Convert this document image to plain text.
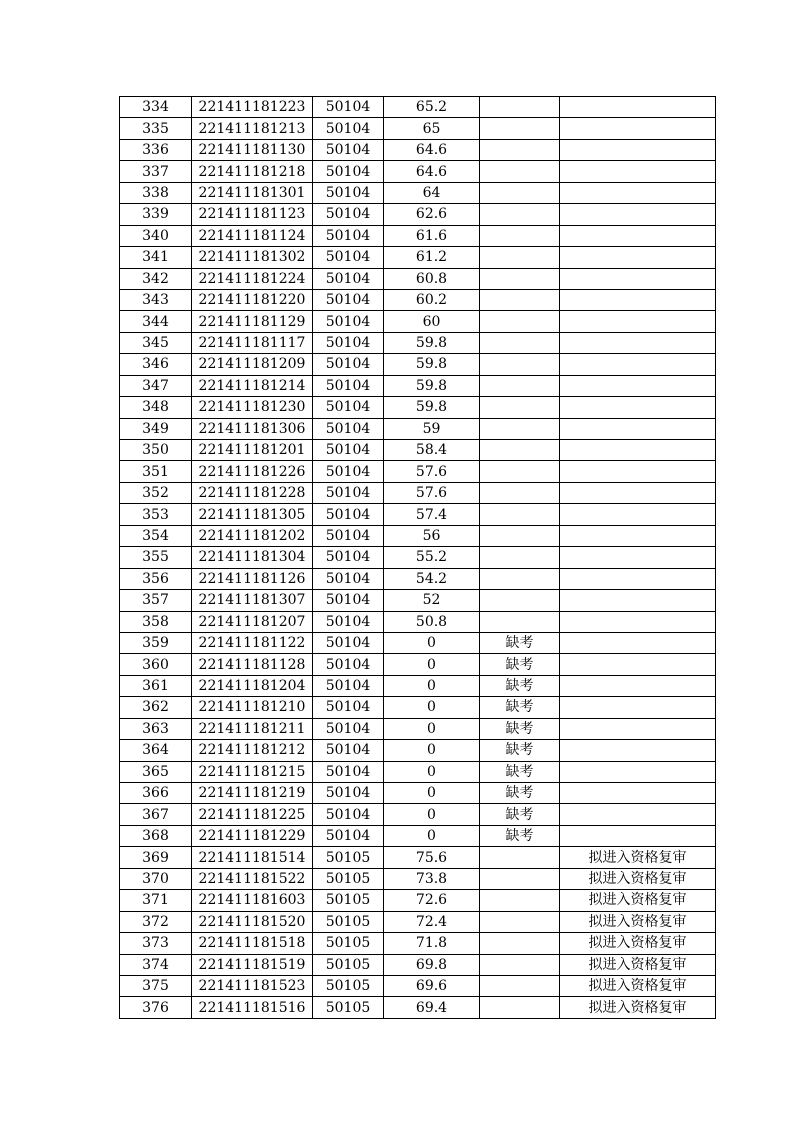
334	221411181223	50104	65.2		
335	221411181213	50104	65		
336	221411181130	50104	64.6		
337	221411181218	50104	64.6		
338	221411181301	50104	64		
339	221411181123	50104	62.6		
340	221411181124	50104	61.6		
341	221411181302	50104	61.2		
342	221411181224	50104	60.8		
343	221411181220	50104	60.2		
344	221411181129	50104	60		
345	221411181117	50104	59.8		
346	221411181209	50104	59.8		
347	221411181214	50104	59.8		
348	221411181230	50104	59.8		
349	221411181306	50104	59		
350	221411181201	50104	58.4		
351	221411181226	50104	57.6		
352	221411181228	50104	57.6		
353	221411181305	50104	57.4		
354	221411181202	50104	56		
355	221411181304	50104	55.2		
356	221411181126	50104	54.2		
357	221411181307	50104	52		
358	221411181207	50104	50.8		
359	221411181122	50104	0	缺考	
360	221411181128	50104	0	缺考	
361	221411181204	50104	0	缺考	
362	221411181210	50104	0	缺考	
363	221411181211	50104	0	缺考	
364	221411181212	50104	0	缺考	
365	221411181215	50104	0	缺考	
366	221411181219	50104	0	缺考	
367	221411181225	50104	0	缺考	
368	221411181229	50104	0	缺考	
369	221411181514	50105	75.6		拟进入资格复审
370	221411181522	50105	73.8		拟进入资格复审
371	221411181603	50105	72.6		拟进入资格复审
372	221411181520	50105	72.4		拟进入资格复审
373	221411181518	50105	71.8		拟进入资格复审
374	221411181519	50105	69.8		拟进入资格复审
375	221411181523	50105	69.6		拟进入资格复审
376	221411181516	50105	69.4		拟进入资格复审
